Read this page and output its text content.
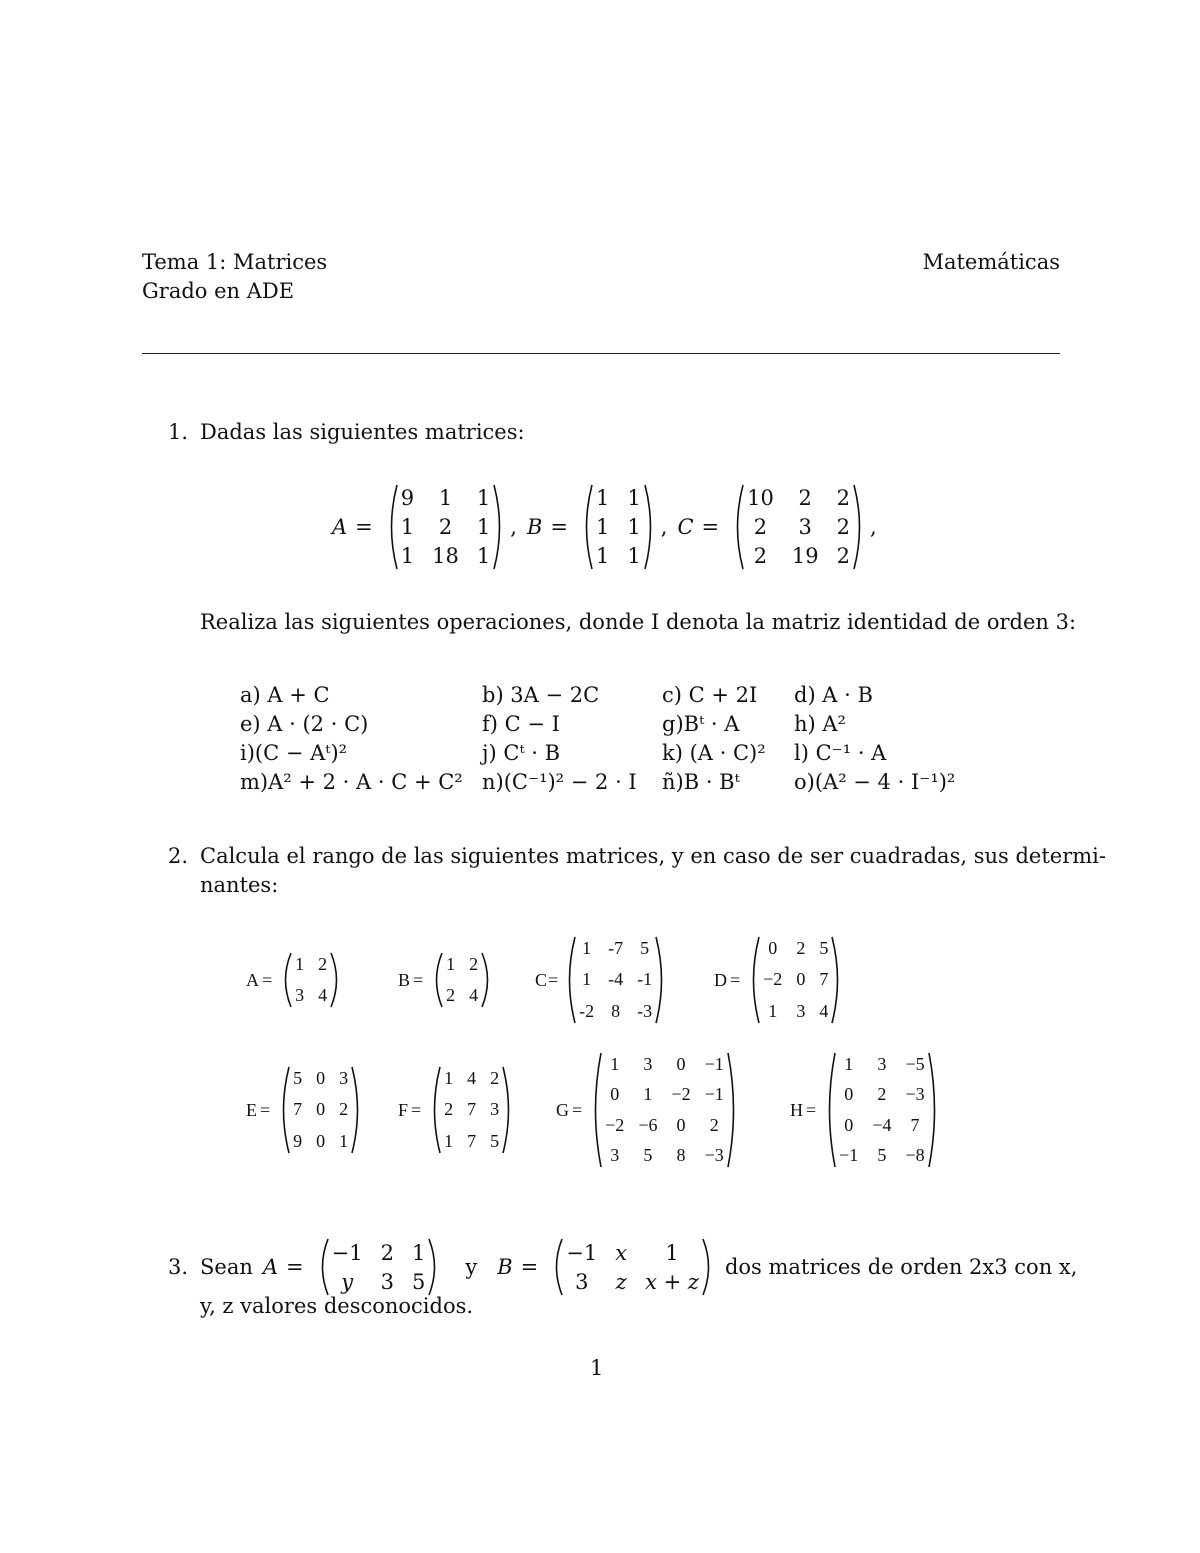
Tema 1: Matrices
Grado en ADE
Matemáticas
1. Dadas las siguientes matrices:
A =
9	1	1
1	2	1
1 18 1
, B =
1 1
1 1
1 1
, C =
10	2	2
2	3	2
2	19 2
,
Realiza las siguientes operaciones, donde I denota la matriz identidad de orden 3:
a) A + C	b) 3A − 2C	c) C + 2I	d) A · B
e) A · (2 · C)	f) C − I	g)Bᵗ · A	h) A²
i)(C − Aᵗ)²	j) Cᵗ · B	k) (A · C)²	l) C⁻¹ · A
m)A² + 2 · A · C + C²	n)(C⁻¹)² − 2 · I	ñ)B · Bᵗ	o)(A² − 4 · I⁻¹)²
2. Calcula el rango de las siguientes matrices, y en caso de ser cuadradas, sus determi-
nantes:
A =
1 2
3 4
B =
1 2
2 4
C =
1 -7 5
1 -4 -1
-2 8 -3
D =
0 2 5
−2 0 7
1 3 4
E =
5 0 3
7 0 2
9 0 1
F =
1 4 2
2 7 3
1 7 5
G =
1 3 0 −1
0 1 −2 −1
−2 −6 0 2
3 5 8 −3
H =
1 3 −5
0 2 −3
0 −4 7
−1 5 −8
3. Sean A =
−1 2 1
y	3 5
y B =
−1 x	1
3	z x + z
dos matrices de orden 2x3 con x,
y, z valores desconocidos.
1
